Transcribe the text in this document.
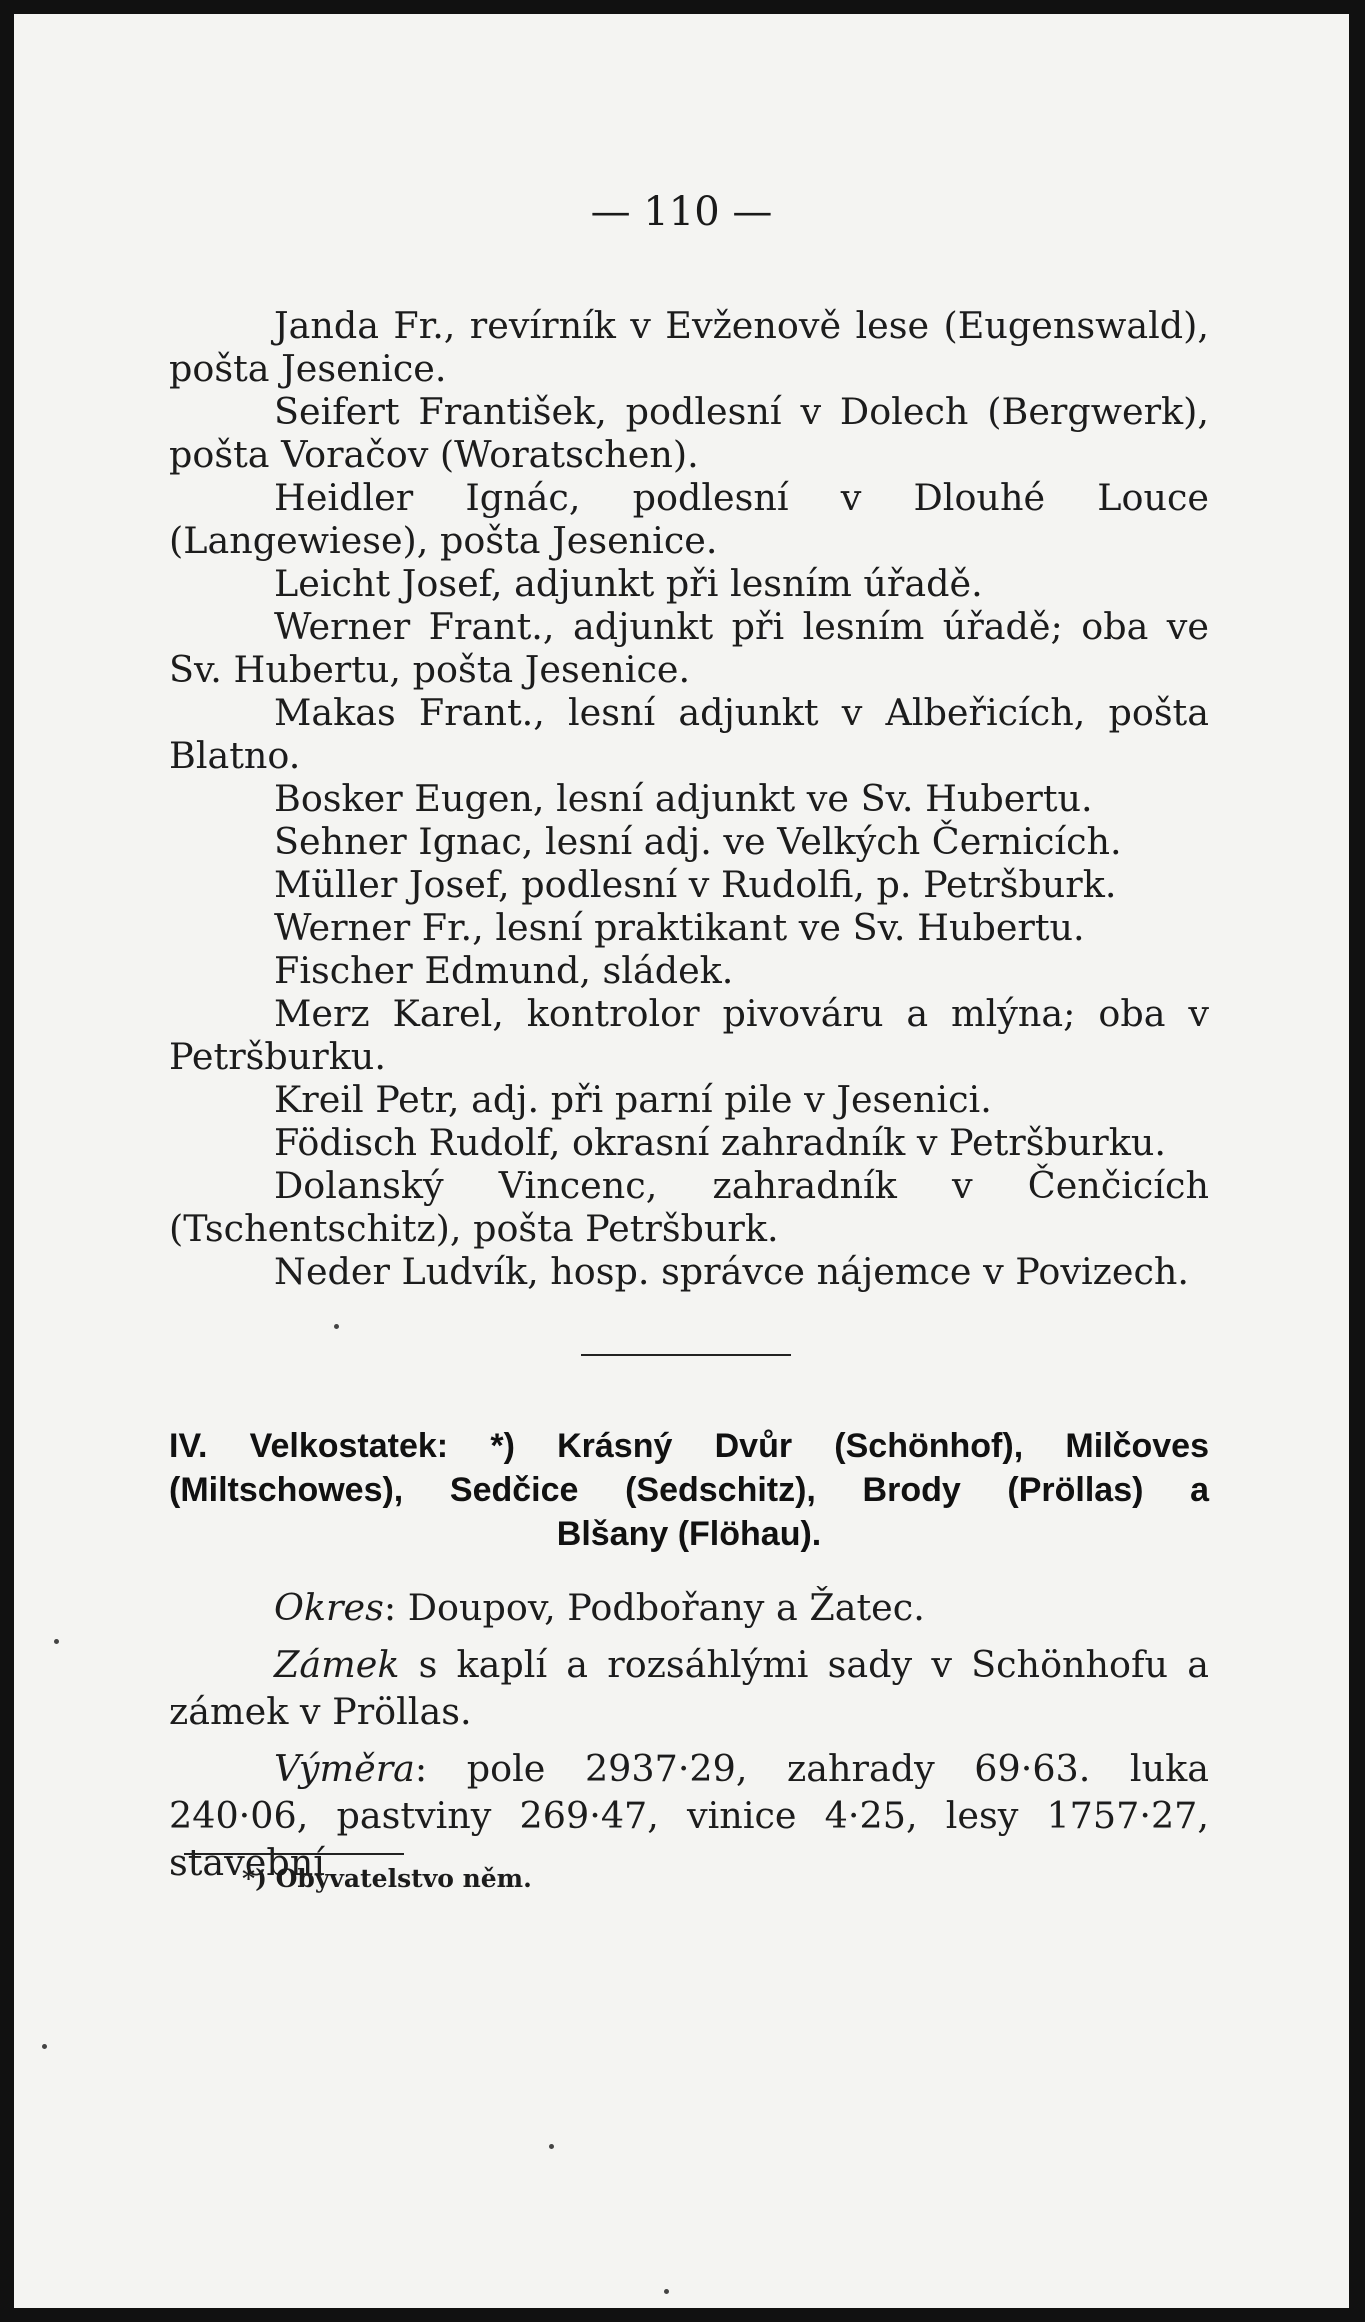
— 110 —

Janda Fr., revírník v Evženově lese (Eugenswald), pošta Jesenice.

Seifert František, podlesní v Dolech (Bergwerk), pošta Voračov (Woratschen).

Heidler Ignác, podlesní v Dlouhé Louce (Langewiese), pošta Jesenice.

Leicht Josef, adjunkt při lesním úřadě.

Werner Frant., adjunkt při lesním úřadě; oba ve Sv. Hubertu, pošta Jesenice.

Makas Frant., lesní adjunkt v Albeřicích, pošta Blatno.

Bosker Eugen, lesní adjunkt ve Sv. Hubertu.

Sehner Ignac, lesní adj. ve Velkých Černicích.

Müller Josef, podlesní v Rudolfi, p. Petršburk.

Werner Fr., lesní praktikant ve Sv. Hubertu.

Fischer Edmund, sládek.

Merz Karel, kontrolor pivováru a mlýna; oba v Petršburku.

Kreil Petr, adj. při parní pile v Jesenici.

Födisch Rudolf, okrasní zahradník v Petršburku.

Dolanský Vincenc, zahradník v Čenčicích (Tschentschitz), pošta Petršburk.

Neder Ludvík, hosp. správce nájemce v Povizech.

IV. Velkostatek: *) Krásný Dvůr (Schönhof), Milčoves
(Miltschowes), Sedčice (Sedschitz), Brody (Pröllas) a
Blšany (Flöhau).

Okres: Doupov, Podbořany a Žatec.

Zámek s kaplí a rozsáhlými sady v Schönhofu a zámek v Pröllas.

Výměra: pole 2937·29, zahrady 69·63. luka 240·06, pastviny 269·47, vinice 4·25, lesy 1757·27, stavební

*) Obyvatelstvo něm.
